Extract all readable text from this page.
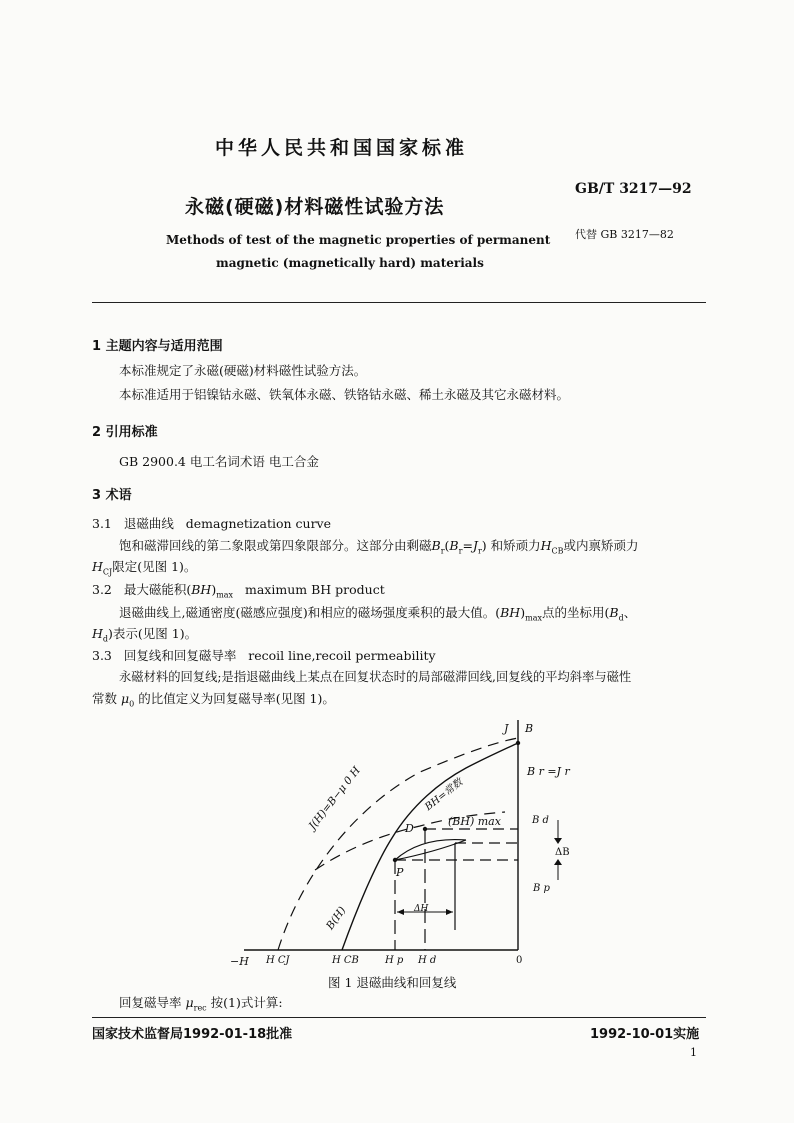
中华人民共和国国家标准
永磁(硬磁)材料磁性试验方法
GB/T 3217—92
代替 GB 3217—82
Methods of test of the magnetic properties of permanent
magnetic (magnetically hard) materials
1 主题内容与适用范围
本标准规定了永磁(硬磁)材料磁性试验方法。
本标准适用于铝镍钴永磁、铁氧体永磁、铁铬钴永磁、稀土永磁及其它永磁材料。
2 引用标准
GB 2900.4 电工名词术语 电工合金
3 术语
3.1 退磁曲线 demagnetization curve
饱和磁滞回线的第二象限或第四象限部分。这部分由剩磁$B_r(B_r=J_r)$ 和矫顽力$H_{CB}$或内禀矫顽力
$H_{CJ}$限定(见图 1)。
3.2 最大磁能积$(BH)_{max}$ maximum BH product
退磁曲线上,磁通密度(磁感应强度)和相应的磁场强度乘积的最大值。$(BH)_{max}$点的坐标用($B_d$、
$H_d$)表示(见图 1)。
3.3 回复线和回复磁导率 recoil line,recoil permeability
永磁材料的回复线;是指退磁曲线上某点在回复状态时的局部磁滞回线,回复线的平均斜率与磁性
常数 $\mu_0$ 的比值定义为回复磁导率(见图 1)。
J B
B r =J r
(BH) max	B d
ΔB
B p
D
P
ΔH
J(H)=B−μ 0 H	BH=常数
B(H)
−H H CJ	H CB	H p H d	0
图 1 退磁曲线和回复线
回复磁导率 $\mu_{rec}$ 按(1)式计算:
国家技术监督局1992-01-18批准	1992-10-01实施
1
